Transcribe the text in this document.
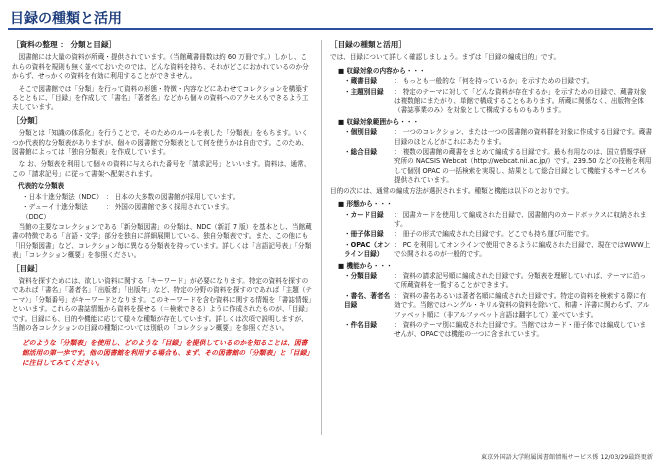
目録の種類と活用
［資料の整理 ： 分類と目録］

図書館には大量の資料が所蔵・提供されています。（当館蔵書冊数は約 60 万冊です。）しかし、これらの資料を規則も無く並べておいたのでは、どんな資料を持ち、それがどこにおかれているのか分からず、せっかくの資料を有効に利用することができません。

そこで図書館では「分類」を行って資料の形態・特徴・内容などにあわせてコレクションを構築するとともに、「目録」を作成して「書名」「著者名」などから個々の資料へのアクセスもできるよう工夫しています。

［分類］

分類とは「知識の体系化」を行うことで、そのためのルールを表した「分類表」をもちます。いくつか代表的な分類表がありますが、個々の図書館で分類表として何を使うかは自由です。このため、図書館によっては「独自分類表」を作成しています。

な お、分類表を利用して個々の資料に与えられた番号を「請求記号」といいます。資料は、通常、この「請求記号」に従って書架へ配架されます。

代表的な分類表
・日本十進分類法（NDC） ： 日本の大多数の図書館が採用しています。
・デューイ十進分類法（DDC）
： 外国の図書館で多く採用されています。

当館の主要なコレクションである「新分類図書」の分類は、NDC（新訂 7 版）を基本とし、当館蔵書の特徴である「言語・文学」部分を独自に詳細展開している、独自分類表です。また、この他にも「旧分類図書」など、コレクション毎に異なる分類表を持っています。詳しくは「言語記号表」「分類表」「コレクション概要」を参照ください。

［目録］

資料を探すためには、欲しい資料に関する「キーワード」が必要になります。特定の資料を探すのであれば「書名」「著者名」「出版者」「出版年」など、特定の分野の資料を探すのであれば「主題（テーマ）」「分類番号」がキーワードとなります。このキーワードを含む資料に関する情報を「書誌情報」といいます。これらの書誌情報から資料を探せる（＝検索できる）ように作成されたものが、「目録」です。目録にも、目的や機能に応じて様々な種類が存在しています。詳しくは次項で説明しますが、当館の各コレクションの目録の種類については別紙の「コレクション概要」を参照ください。

どのような「分類表」を使用し、どのような「目録」を提供しているのかを知ることは、図書館活用の第一歩です。他の図書館を利用する場合も、まず、その図書館の「分類表」と「目録」に注目してみてください。
［目録の種類と活用］

では、目録について詳しく確認しましょう。まずは「目録の編成目的」です。

■ 収録対象の内容から・・・
・蔵書目録	： もっとも一般的な「何を持っているか」を示すための目録です。
・主題別目録	： 特定のテーマに対して「どんな資料が存在するか」を示すための目録で、蔵書対象は複数館にまたがり、単館で構成することもあります。所蔵に関係なく、出版物全体（書誌事業のみ）を対象として構成するものもあります。
■ 収録対象範囲から・・・
・個別目録	： 一つのコレクション、または一つの図書館の資料群を対象に作成する目録です。蔵書目録のほとんどがこれにあたります。
・総合目録	： 複数の図書館の蔵書をまとめて編成する目録です。最も有用なのは、国立情報学研究所の NACSIS Webcat（http://webcat.nii.ac.jp/）です。239.50 などの技術を利用して個別 OPAC の一括検索を実現し、結果として総合目録として機能するサービスも提供されています。

目的の次には、通常の編成方法が選択されます。種類と機能は以下のとおりです。

■ 形態から・・・
・カード目録	： 図書カードを使用して編成された目録で、図書館内のカードボックスに収納されます。
・冊子体目録	： 冊子の形式で編成された目録です。どこでも持ち運び可能です。
・OPAC（オンライン目録）
： PC を利用してオンラインで使用できるように編成された目録で、現在ではWWW上で公開されるのが一般的です。
■ 機能から・・・
・分類目録	： 資料の請求記号順に編成された目録です。分類表を理解していれば、テーマに沿って所蔵資料を一覧することができます。
・書名、著者名目録
： 資料の書名あるいは著者名順に編成された目録です。特定の資料を検索する際に有効です。当館ではハングル・キリル資料の資料を除いて、和書・洋書に関わらず、アルファベット順に（非アルファベット言語は翻字して）並べています。
・件名目録	： 資料のテーマ別に編成された目録です。当館ではカード・冊子体では編成していませんが、OPACでは機能の一つに含まれています。
東京外国語大学附属図書館情報サービス係 12/03/29最終更新
